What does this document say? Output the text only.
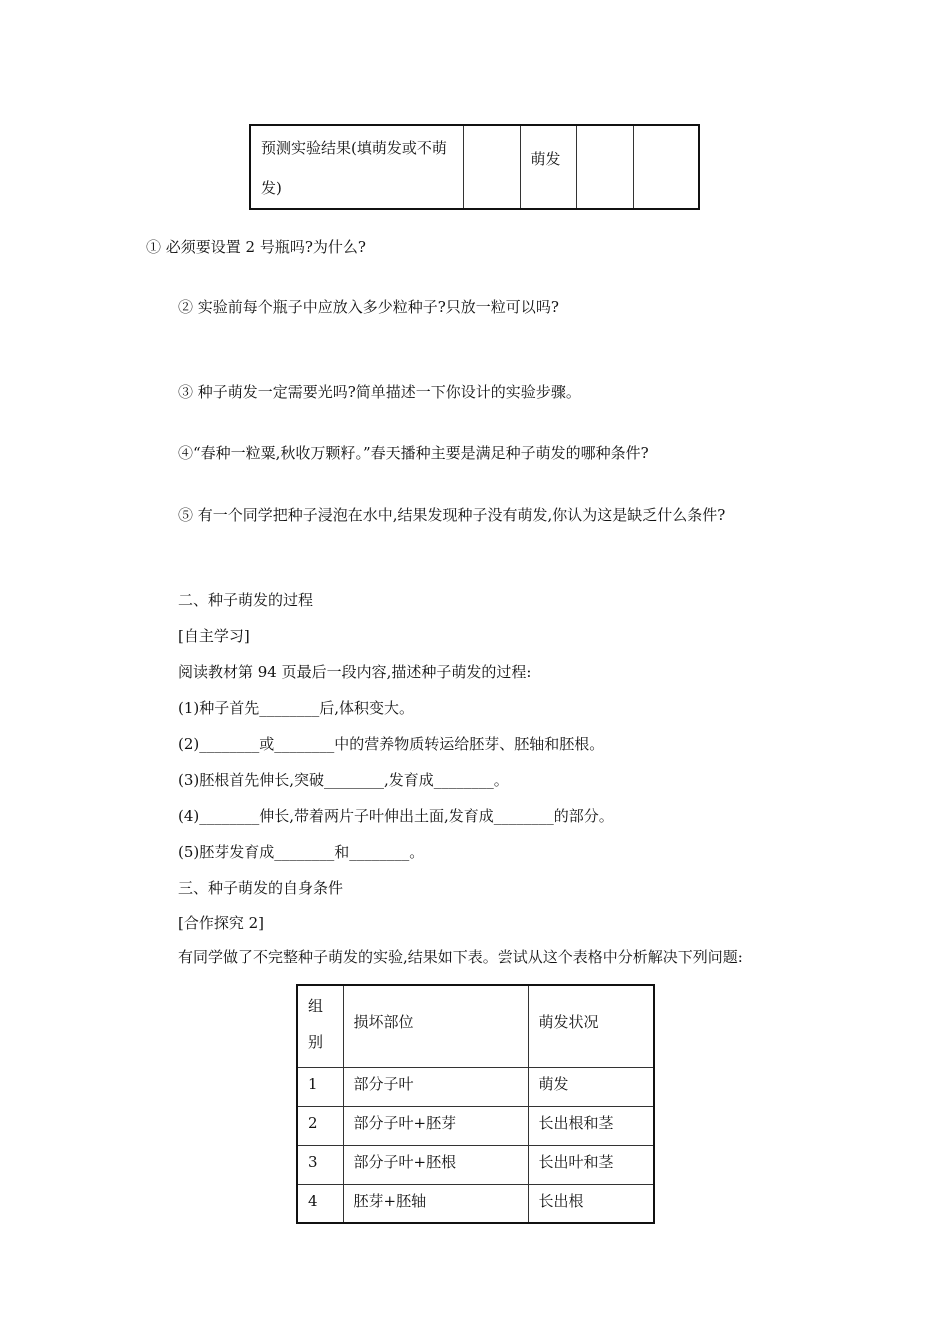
预测实验结果(填萌发或不萌发)		萌发		
① 必须要设置 2 号瓶吗?为什么?
② 实验前每个瓶子中应放入多少粒种子?只放一粒可以吗?
③ 种子萌发一定需要光吗?简单描述一下你设计的实验步骤。
④“春种一粒粟,秋收万颗籽。”春天播种主要是满足种子萌发的哪种条件?
⑤ 有一个同学把种子浸泡在水中,结果发现种子没有萌发,你认为这是缺乏什么条件?
二、种子萌发的过程
[自主学习]
阅读教材第 94 页最后一段内容,描述种子萌发的过程:
(1)种子首先________后,体积变大。
(2)________或________中的营养物质转运给胚芽、胚轴和胚根。
(3)胚根首先伸长,突破________,发育成________。
(4)________伸长,带着两片子叶伸出土面,发育成________的部分。
(5)胚芽发育成________和________。
三、种子萌发的自身条件
[合作探究 2]
有同学做了不完整种子萌发的实验,结果如下表。尝试从这个表格中分析解决下列问题:
组别	损坏部位	萌发状况
1	部分子叶	萌发
2	部分子叶+胚芽	长出根和茎
3	部分子叶+胚根	长出叶和茎
4	胚芽+胚轴	长出根
